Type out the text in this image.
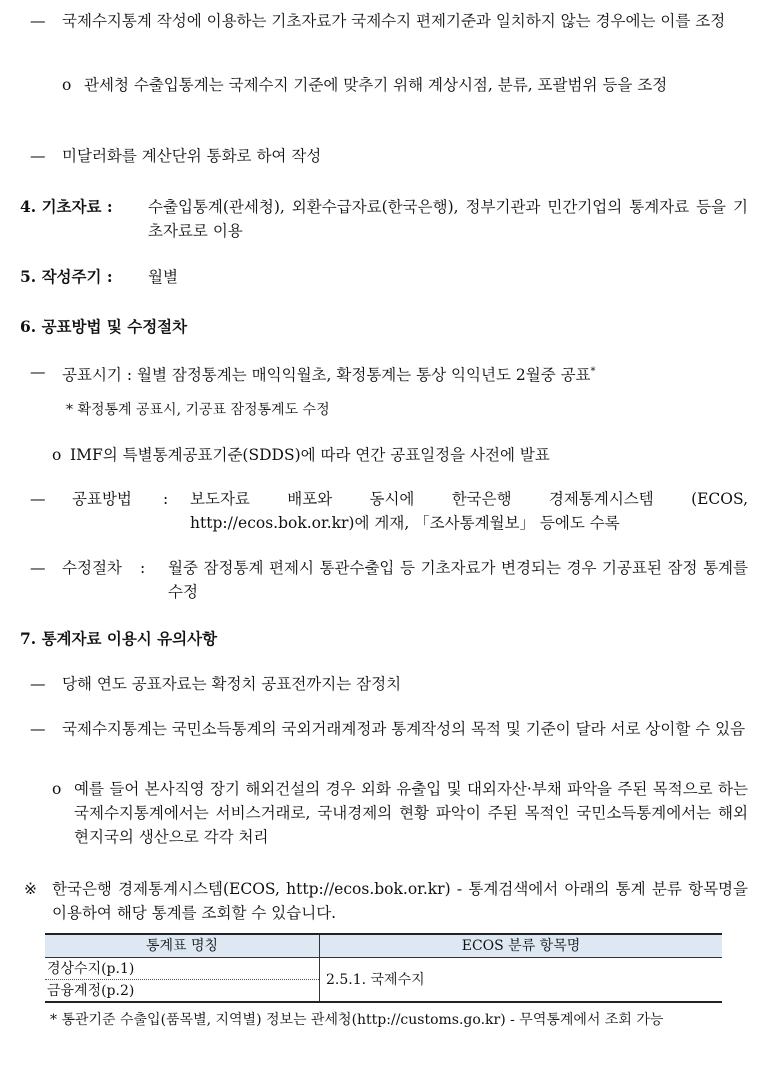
—	국제수지통계 작성에 이용하는 기초자료가 국제수지 편제기준과 일치하지 않는 경우에는 이를 조정
o 관세청 수출입통계는 국제수지 기준에 맞추기 위해 계상시점, 분류, 포괄범위 등을 조정
—	미달러화를 계산단위 통화로 하여 작성
4. 기초자료 :	수출입통계(관세청), 외환수급자료(한국은행), 정부기관과 민간기업의 통계자료 등을 기초자료로 이용
5. 작성주기 :	월별
6. 공표방법 및 수정절차
—	공표시기 : 월별 잠정통계는 매익익월초, 확정통계는 통상 익익년도 2월중 공표*
* 확정통계 공표시, 기공표 잠정통계도 수정
o IMF의 특별통계공표기준(SDDS)에 따라 연간 공표일정을 사전에 발표
— 공표방법 : 보도자료 배포와 동시에 한국은행 경제통계시스템 (ECOS,
http://ecos.bok.or.kr)에 게재, 「조사통계월보」 등에도 수록
—	수정절차	:	월중 잠정통계 편제시 통관수출입 등 기초자료가 변경되는 경우 기공표된 잠정 통계를 수정
7. 통계자료 이용시 유의사항
—	당해 연도 공표자료는 확정치 공표전까지는 잠정치
—	국제수지통계는 국민소득통계의 국외거래계정과 통계작성의 목적 및 기준이 달라 서로 상이할 수 있음
o 예를 들어 본사직영 장기 해외건설의 경우 외화 유출입 및 대외자산·부채 파악을 주된 목적으로 하는 국제수지통계에서는 서비스거래로, 국내경제의 현황 파악이 주된 목적인 국민소득통계에서는 해외 현지국의 생산으로 각각 처리
※ 한국은행 경제통계시스템(ECOS, http://ecos.bok.or.kr) - 통계검색에서 아래의 통계 분류 항목명을 이용하여 해당 통계를 조회할 수 있습니다.
통계표 명칭	ECOS 분류 항목명
경상수지(p.1)	2.5.1. 국제수지
금융계정(p.2)	
* 통관기준 수출입(품목별, 지역별) 정보는 관세청(http://customs.go.kr) - 무역통계에서 조회 가능
